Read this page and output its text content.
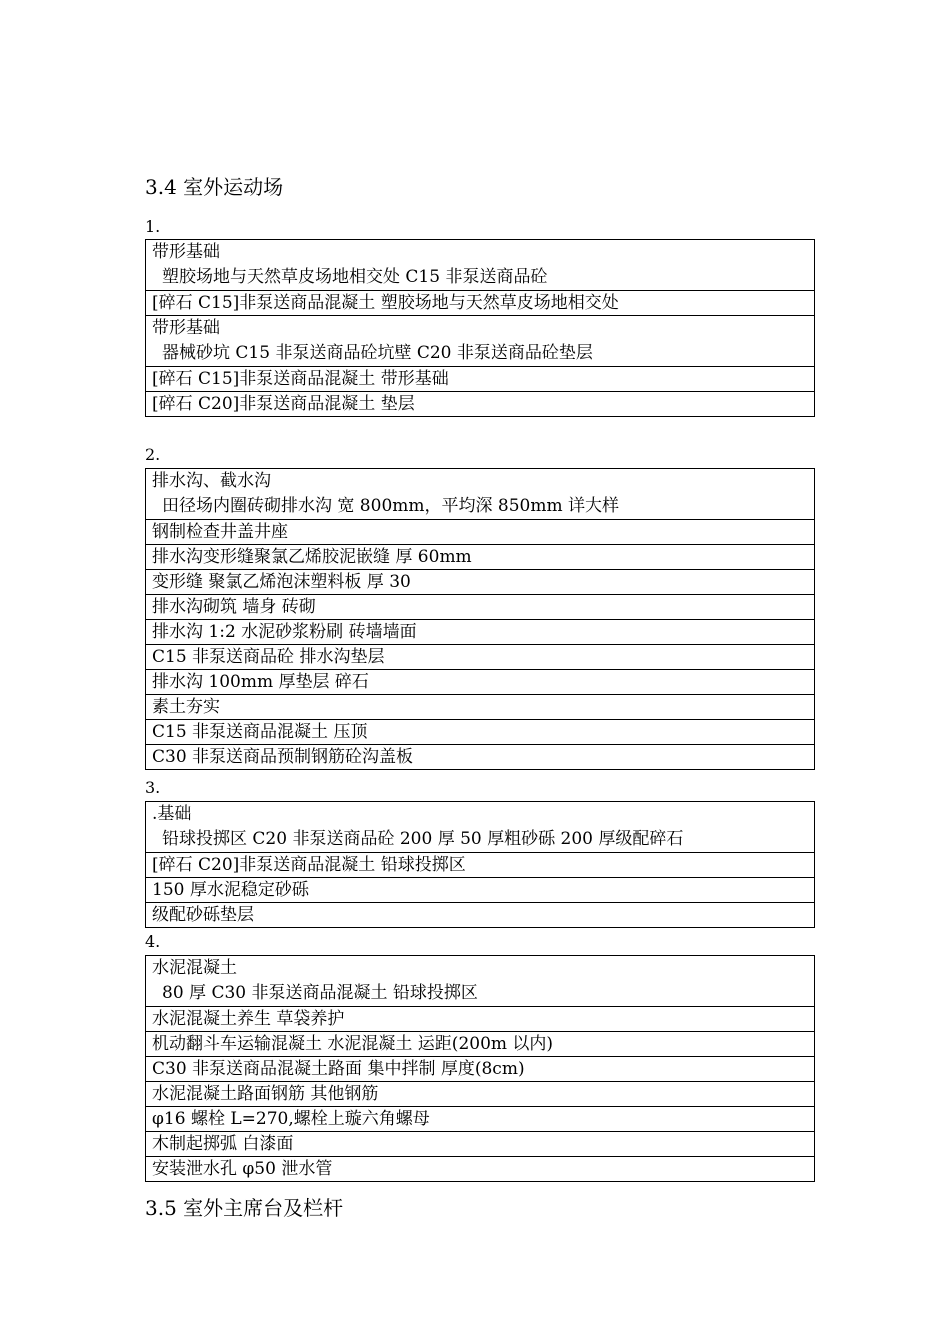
3.4 室外运动场
1.
带形基础
塑胶场地与天然草皮场地相交处 C15 非泵送商品砼

[碎石 C15]非泵送商品混凝土 塑胶场地与天然草皮场地相交处

带形基础
器械砂坑 C15 非泵送商品砼坑壁 C20 非泵送商品砼垫层

[碎石 C15]非泵送商品混凝土 带形基础
[碎石 C20]非泵送商品混凝土 垫层
2.
排水沟、截水沟
田径场内圈砖砌排水沟 宽 800mm，平均深 850mm 详大样

钢制检查井盖井座
排水沟变形缝聚氯乙烯胶泥嵌缝 厚 60mm
变形缝 聚氯乙烯泡沫塑料板 厚 30
排水沟砌筑 墙身 砖砌
排水沟 1:2 水泥砂浆粉刷 砖墙墙面
C15 非泵送商品砼 排水沟垫层
排水沟 100mm 厚垫层 碎石
素土夯实
C15 非泵送商品混凝土 压顶
C30 非泵送商品预制钢筋砼沟盖板
3.
.基础
铅球投掷区 C20 非泵送商品砼 200 厚 50 厚粗砂砾 200 厚级配碎石

[碎石 C20]非泵送商品混凝土 铅球投掷区
150 厚水泥稳定砂砾
级配砂砾垫层
4.
水泥混凝土
80 厚 C30 非泵送商品混凝土 铅球投掷区

水泥混凝土养生 草袋养护
机动翻斗车运输混凝土 水泥混凝土 运距(200m 以内)
C30 非泵送商品混凝土路面 集中拌制 厚度(8cm)
水泥混凝土路面钢筋 其他钢筋
φ16 螺栓 L=270,螺栓上璇六角螺母
木制起掷弧 白漆面
安装泄水孔 φ50 泄水管
3.5 室外主席台及栏杆
